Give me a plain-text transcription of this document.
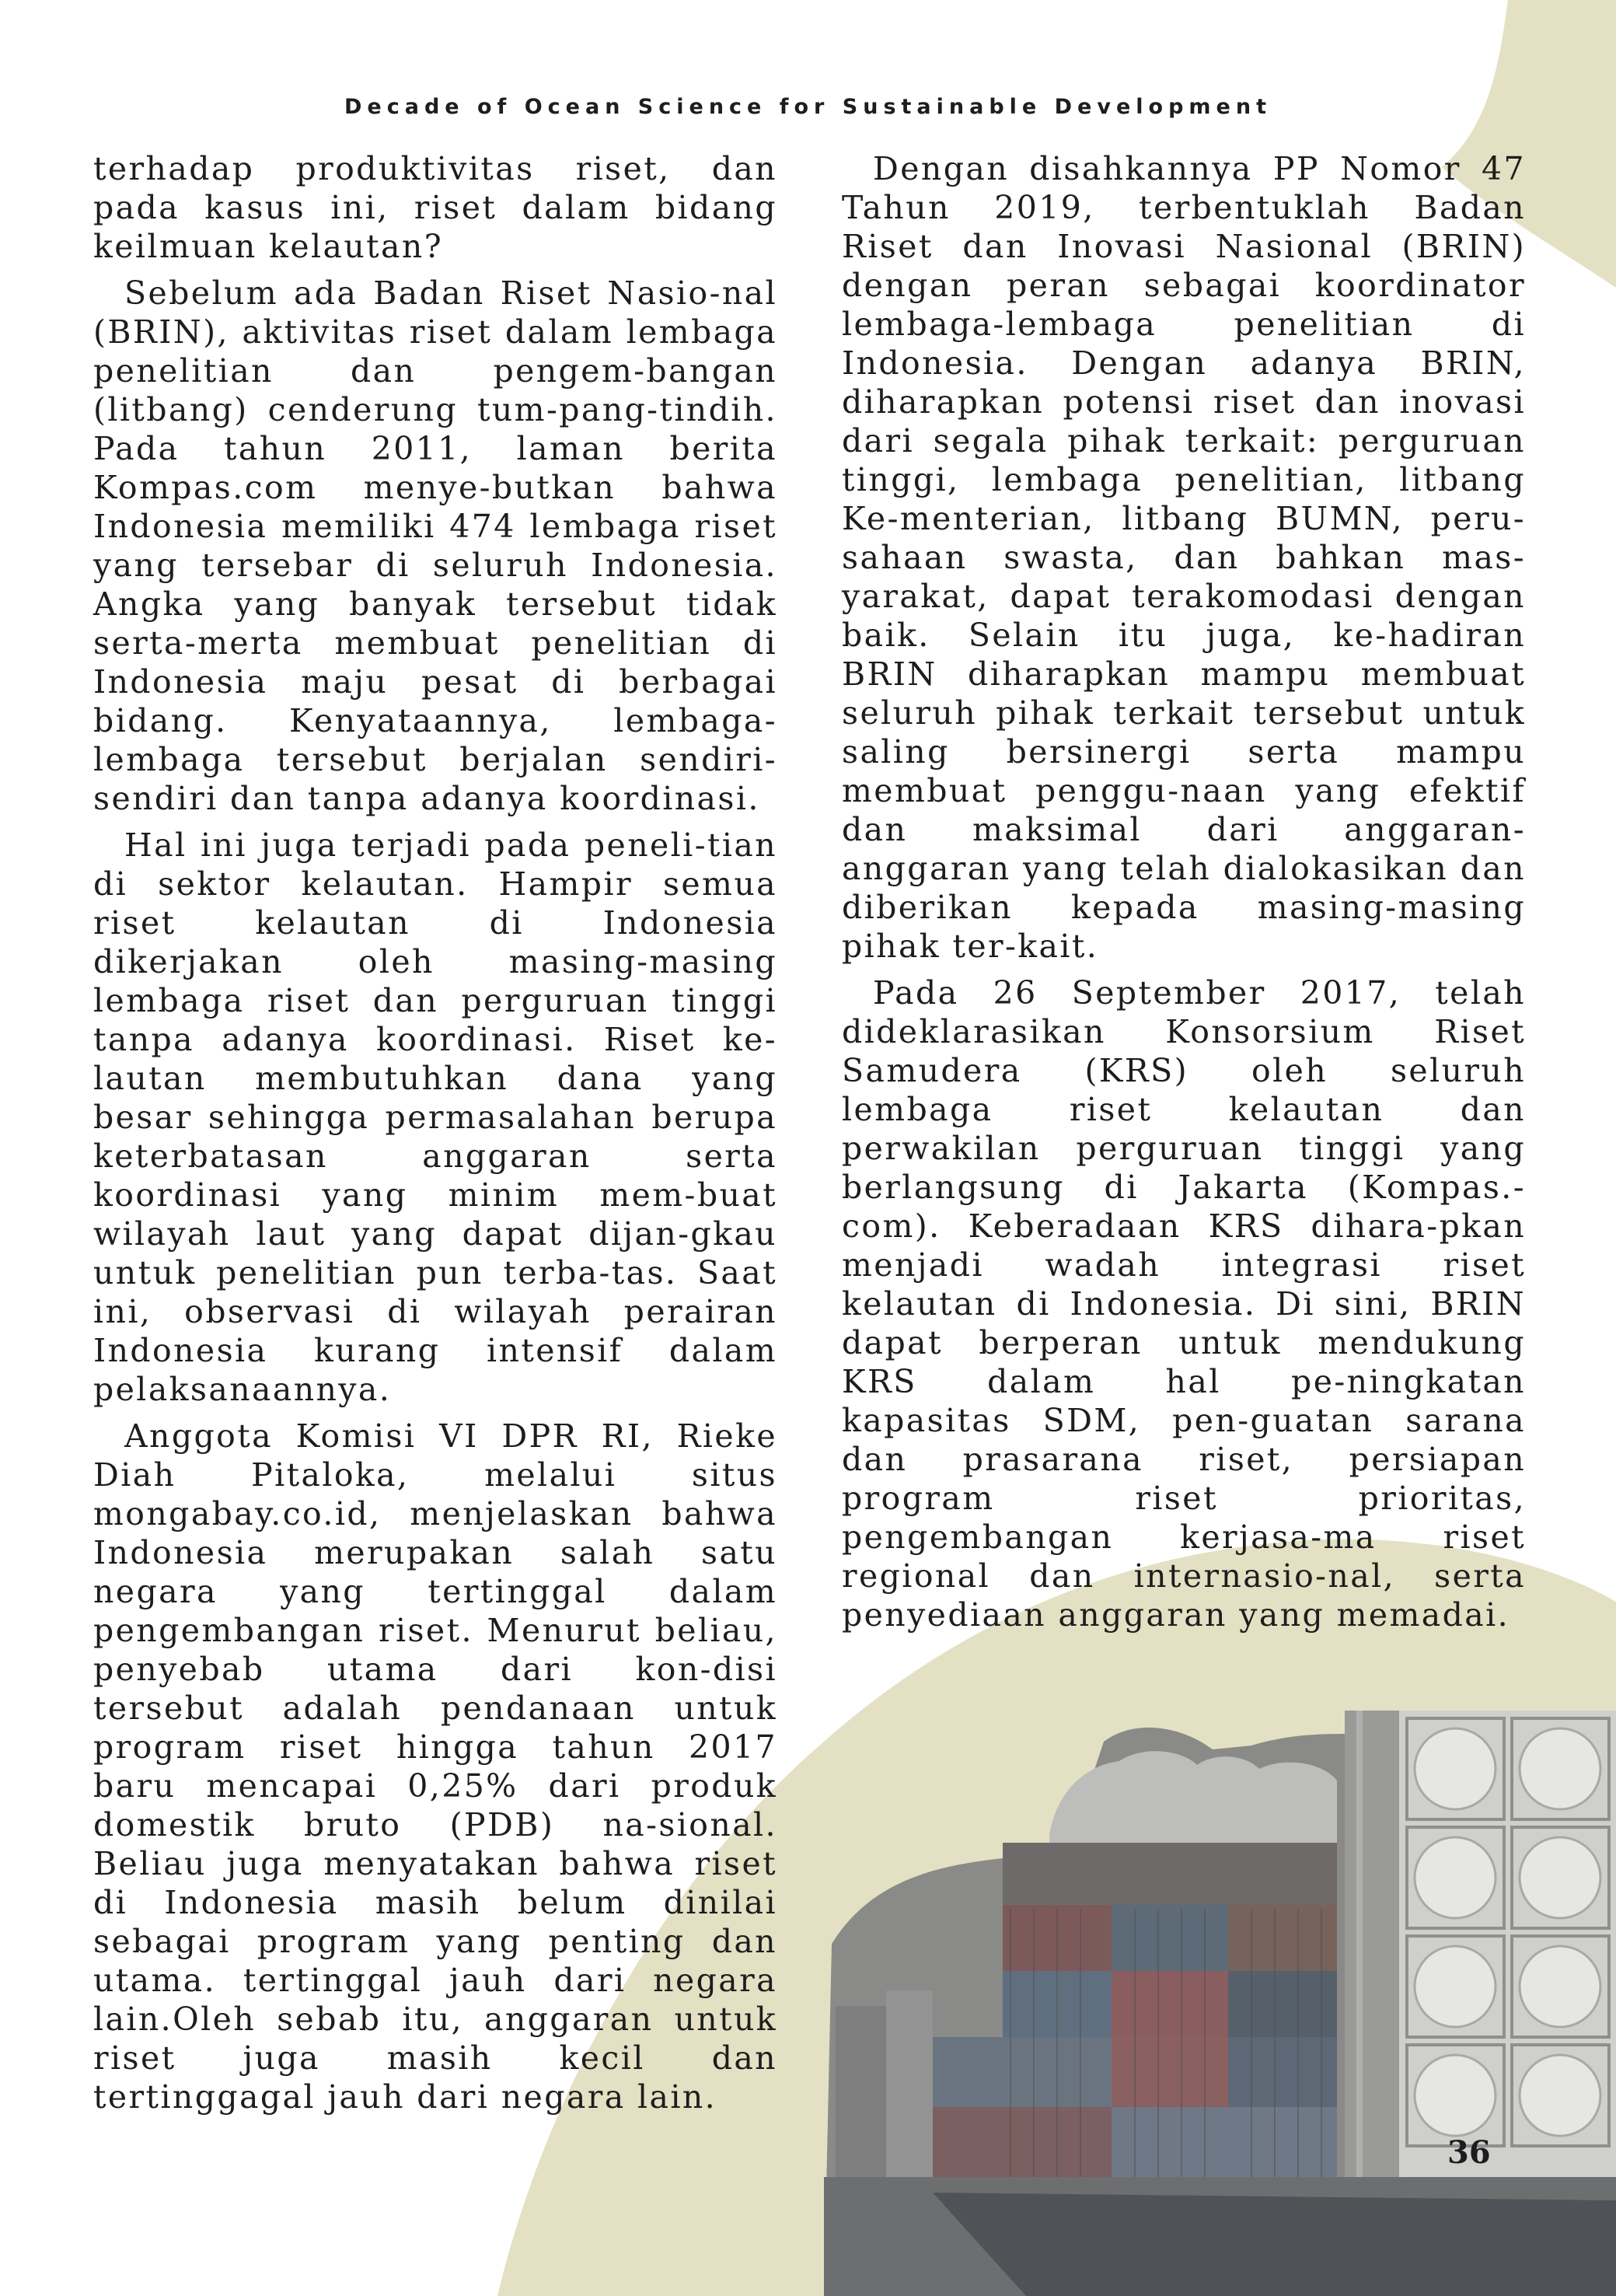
Decade of Ocean Science for Sustainable Development

terhadap produktivitas riset, dan pada kasus ini, riset dalam bidang keilmuan kelautan?

Sebelum ada Badan Riset Nasio-nal (BRIN), aktivitas riset dalam lembaga penelitian dan pengem-bangan (litbang) cenderung tum-pang-tindih. Pada tahun 2011, laman berita Kompas.com menye-butkan bahwa Indonesia memiliki 474 lembaga riset yang tersebar di seluruh Indonesia. Angka yang banyak tersebut tidak serta-merta membuat penelitian di Indonesia maju pesat di berbagai bidang. Kenyataannya, lembaga-lembaga tersebut berjalan sendiri-sendiri dan tanpa adanya koordinasi.

Hal ini juga terjadi pada peneli-tian di sektor kelautan. Hampir semua riset kelautan di Indonesia dikerjakan oleh masing-masing lembaga riset dan perguruan tinggi tanpa adanya koordinasi. Riset ke-lautan membutuhkan dana yang besar sehingga permasalahan berupa keterbatasan anggaran serta koordinasi yang minim mem-buat wilayah laut yang dapat dijan-gkau untuk penelitian pun terba-tas. Saat ini, observasi di wilayah perairan Indonesia kurang intensif dalam pelaksanaannya.

Anggota Komisi VI DPR RI, Rieke Diah Pitaloka, melalui situs mongabay.co.id, menjelaskan bahwa Indonesia merupakan salah satu negara yang tertinggal dalam pengembangan riset. Menurut beliau, penyebab utama dari kon-disi tersebut adalah pendanaan untuk program riset hingga tahun 2017 baru mencapai 0,25% dari produk domestik bruto (PDB) na-sional. Beliau juga menyatakan bahwa riset di Indonesia masih belum dinilai sebagai program yang penting dan utama. tertinggal jauh dari negara lain.Oleh sebab itu, anggaran untuk riset juga masih kecil dan tertinggagal jauh dari negara lain.

Dengan disahkannya PP Nomor 47 Tahun 2019, terbentuklah Badan Riset dan Inovasi Nasional (BRIN) dengan peran sebagai koordinator lembaga-lembaga penelitian di Indonesia. Dengan adanya BRIN, diharapkan potensi riset dan inovasi dari segala pihak terkait: perguruan tinggi, lembaga penelitian, litbang Ke-menterian, litbang BUMN, peru-sahaan swasta, dan bahkan mas-yarakat, dapat terakomodasi dengan baik. Selain itu juga, ke-hadiran BRIN diharapkan mampu membuat seluruh pihak terkait tersebut untuk saling bersinergi serta mampu membuat penggu-naan yang efektif dan maksimal dari anggaran-anggaran yang telah dialokasikan dan diberikan kepada masing-masing pihak ter-kait.

Pada 26 September 2017, telah dideklarasikan Konsorsium Riset Samudera (KRS) oleh seluruh lembaga riset kelautan dan perwakilan perguruan tinggi yang berlangsung di Jakarta (Kompas.-com). Keberadaan KRS dihara-pkan menjadi wadah integrasi riset kelautan di Indonesia. Di sini, BRIN dapat berperan untuk mendukung KRS dalam hal pe-ningkatan kapasitas SDM, pen-guatan sarana dan prasarana riset, persiapan program riset prioritas, pengembangan kerjasa-ma riset regional dan internasio-nal, serta penyediaan anggaran yang memadai.

36
